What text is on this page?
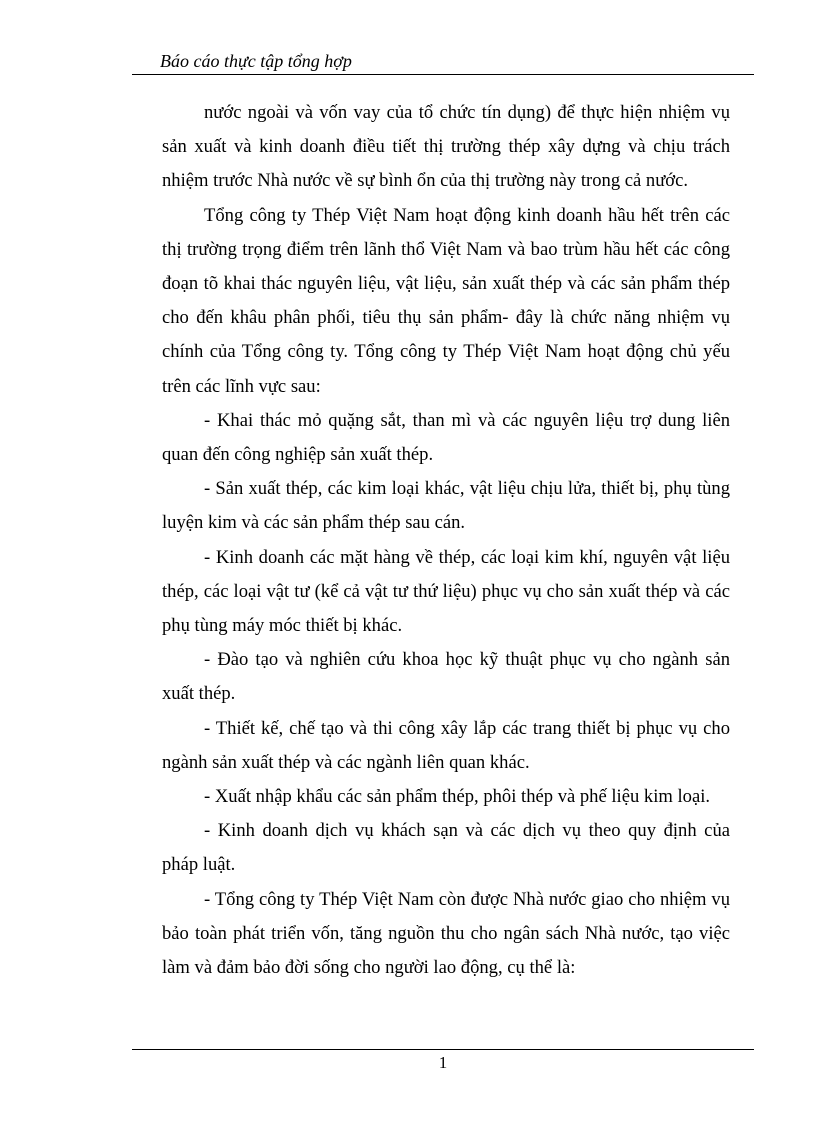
Báo cáo thực tập tổng hợp

nước ngoài và vốn vay của tổ chức tín dụng) để thực hiện nhiệm vụ sản xuất và kinh doanh điều tiết thị trường thép xây dựng và chịu trách nhiệm trước Nhà nước về sự bình ổn của thị trường này trong cả nước.

Tổng công ty Thép Việt Nam hoạt động kinh doanh hầu hết trên các thị trường trọng điểm trên lãnh thổ Việt Nam và bao trùm hầu hết các công đoạn tõ khai thác nguyên liệu, vật liệu, sản xuất thép và các sản phẩm thép cho đến khâu phân phối, tiêu thụ sản phẩm- đây là chức năng nhiệm vụ chính của Tổng công ty. Tổng công ty Thép Việt Nam hoạt động chủ yếu trên các lĩnh vực sau:

- Khai thác mỏ quặng sắt, than mì và các nguyên liệu trợ dung liên quan đến công nghiệp sản xuất thép.

- Sản xuất thép, các kim loại khác, vật liệu chịu lửa, thiết bị, phụ tùng luyện kim và các sản phẩm thép sau cán.

- Kinh doanh các mặt hàng về thép, các loại kim khí, nguyên vật liệu thép, các loại vật tư (kể cả vật tư thứ liệu) phục vụ cho sản xuất thép và các phụ tùng máy móc thiết bị khác.

- Đào tạo và nghiên cứu khoa học kỹ thuật phục vụ cho ngành sản xuất thép.

- Thiết kế, chế tạo và thi công xây lắp các trang thiết bị phục vụ cho ngành sản xuất thép và các ngành liên quan khác.

- Xuất nhập khẩu các sản phẩm thép, phôi thép và phế liệu kim loại.

- Kinh doanh dịch vụ khách sạn và các dịch vụ theo quy định của pháp luật.

- Tổng công ty Thép Việt Nam còn được Nhà nước giao cho nhiệm vụ bảo toàn phát triển vốn, tăng nguồn thu cho ngân sách Nhà nước, tạo việc làm và đảm bảo đời sống cho người lao động, cụ thể là:

1
